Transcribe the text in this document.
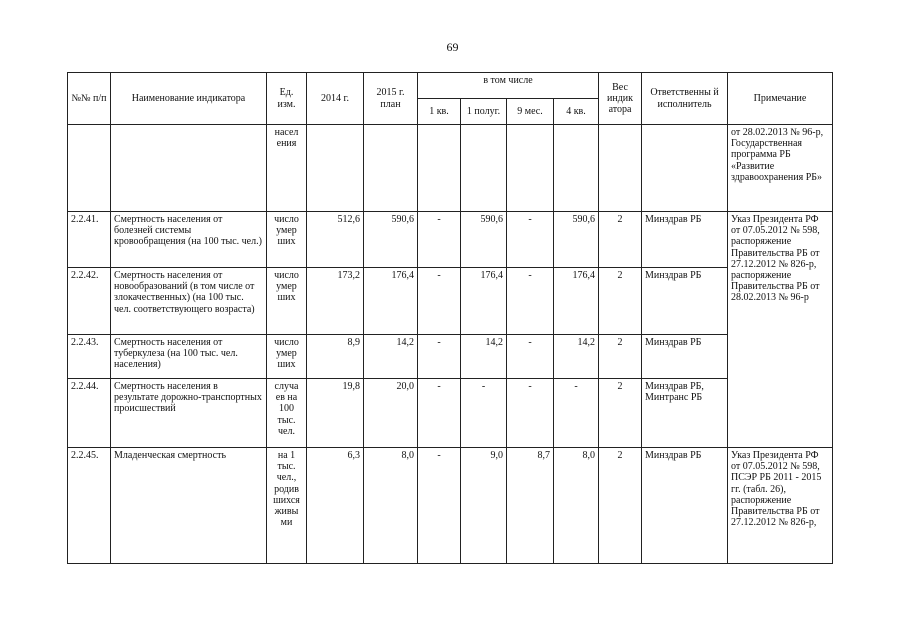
69
№№ п/п	Наименование индикатора	Ед. изм.	2014 г.	2015 г. план	в том числе				Вес индик атора	Ответственны й исполнитель	Примечание
					1 кв.	1 полуг.	9 мес.	4 кв.			
		насел ения									от 28.02.2013 № 96-р, Государственная программа РБ «Развитие здравоохранения РБ»
2.2.41.	Смертность населения от болезней системы кровообращения (на 100 тыс. чел.)	число умер ших	512,6	590,6	-	590,6	-	590,6	2	Минздрав РБ	Указ Президента РФ от 07.05.2012 № 598, распоряжение Правительства РБ от 27.12.2012 № 826-р, распоряжение Правительства РБ от 28.02.2013 № 96-р
2.2.42.	Смертность населения от новообразований (в том числе от злокачественных) (на 100 тыс. чел. соответствующего возраста)	число умер ших	173,2	176,4	-	176,4	-	176,4	2	Минздрав РБ	
2.2.43.	Смертность населения от туберкулеза (на 100 тыс. чел. населения)	число умер ших	8,9	14,2	-	14,2	-	14,2	2	Минздрав РБ	
2.2.44.	Смертность населения в результате дорожно-транспортных происшествий	случа ев на 100 тыс. чел.	19,8	20,0	-	-	-	-	2	Минздрав РБ, Минтранс РБ	
2.2.45.	Младенческая смертность	на 1 тыс. чел., родив шихся живы ми	6,3	8,0	-	9,0	8,7	8,0	2	Минздрав РБ	Указ Президента РФ от 07.05.2012 № 598, ПСЭР РБ 2011 - 2015 гг. (табл. 26), распоряжение Правительства РБ от 27.12.2012 № 826-р,
